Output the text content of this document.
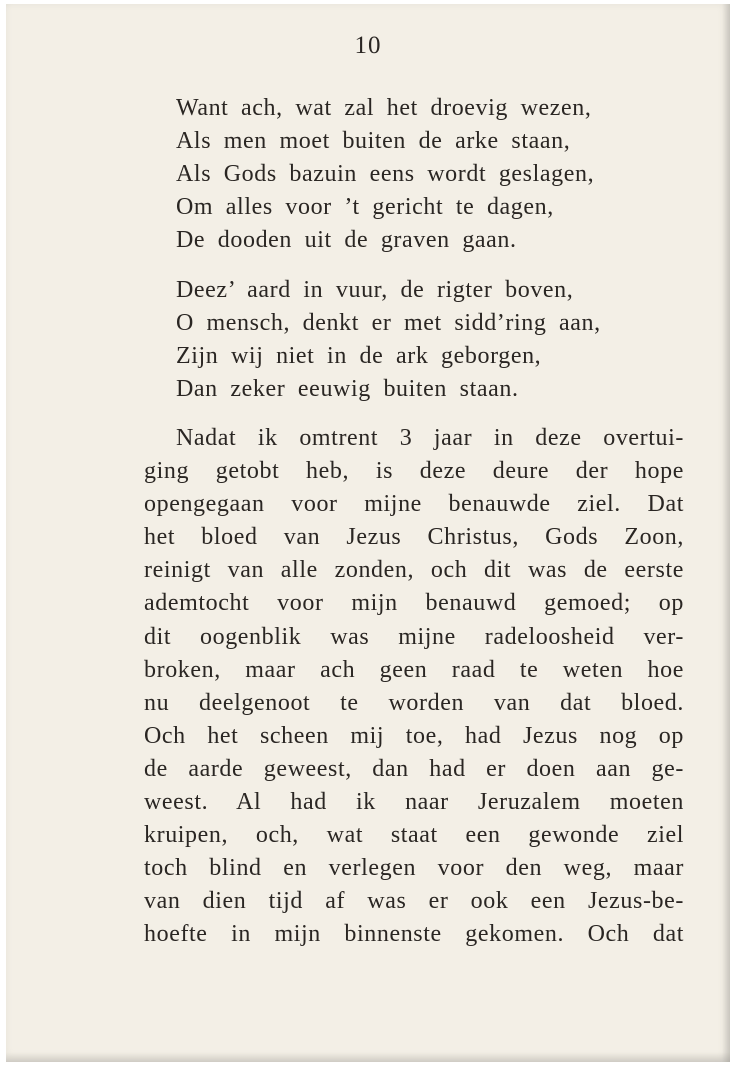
10
Want ach, wat zal het droevig wezen,
Als men moet buiten de arke staan,
Als Gods bazuin eens wordt geslagen,
Om alles voor ’t gericht te dagen,
De dooden uit de graven gaan.
Deez’ aard in vuur, de rigter boven,
O mensch, denkt er met sidd’ring aan,
Zijn wij niet in de ark geborgen,
Dan zeker eeuwig buiten staan.
Nadat ik omtrent 3 jaar in deze overtui-
ging getobt heb, is deze deure der hope
opengegaan voor mijne benauwde ziel. Dat
het bloed van Jezus Christus, Gods Zoon,
reinigt van alle zonden, och dit was de eerste
ademtocht voor mijn benauwd gemoed; op
dit oogenblik was mijne radeloosheid ver-
broken, maar ach geen raad te weten hoe
nu deelgenoot te worden van dat bloed.
Och het scheen mij toe, had Jezus nog op
de aarde geweest, dan had er doen aan ge-
weest. Al had ik naar Jeruzalem moeten
kruipen, och, wat staat een gewonde ziel
toch blind en verlegen voor den weg, maar
van dien tijd af was er ook een Jezus-be-
hoefte in mijn binnenste gekomen. Och dat
